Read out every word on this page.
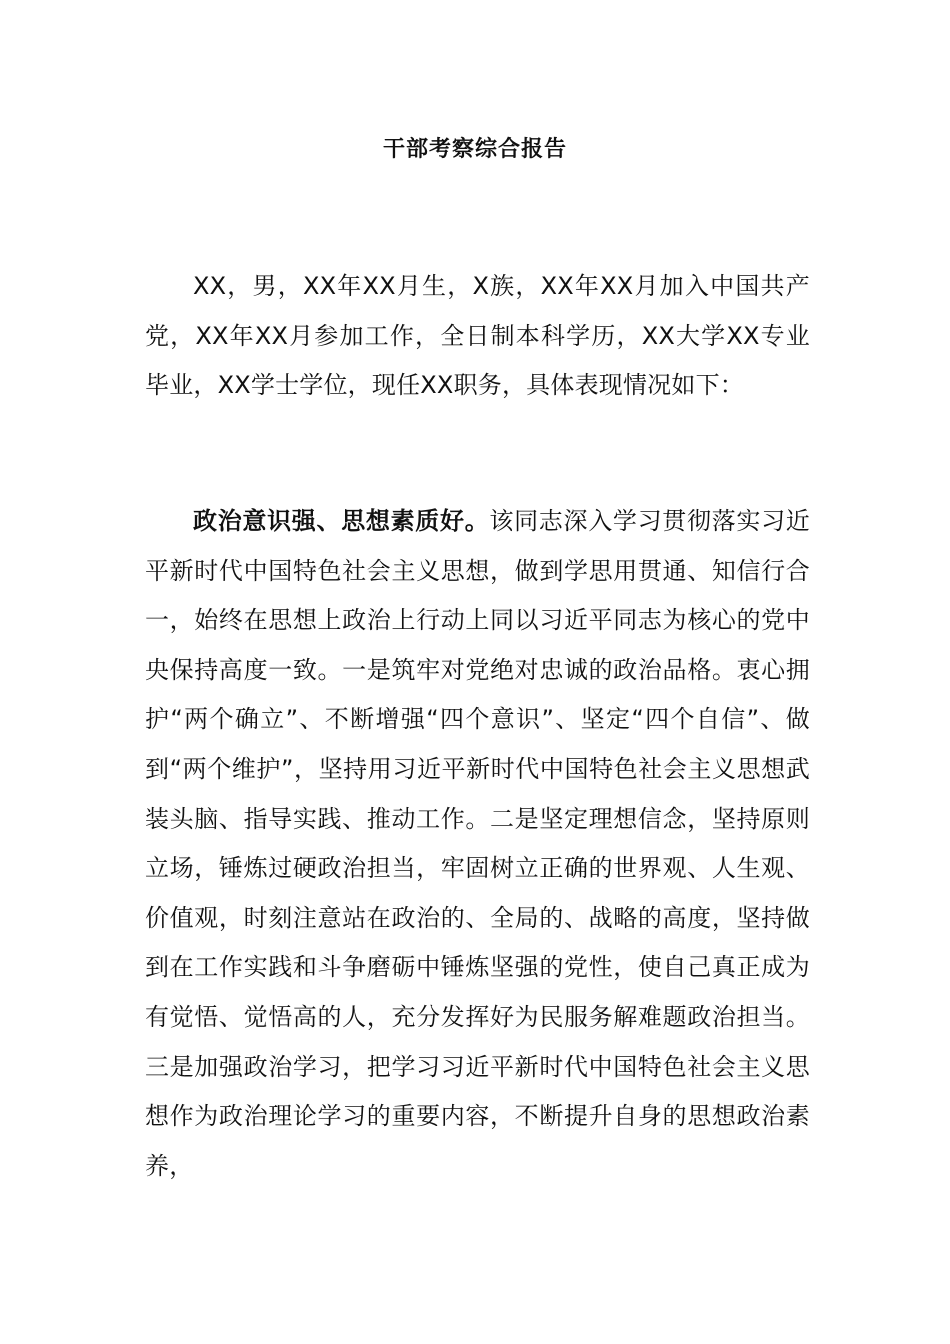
干部考察综合报告

XX，男，XX年XX月生，X族，XX年XX月加入中国共产党，XX年XX月参加工作，全日制本科学历，XX大学XX专业毕业，XX学士学位，现任XX职务，具体表现情况如下：

政治意识强、思想素质好。该同志深入学习贯彻落实习近平新时代中国特色社会主义思想，做到学思用贯通、知信行合一，始终在思想上政治上行动上同以习近平同志为核心的党中央保持高度一致。一是筑牢对党绝对忠诚的政治品格。衷心拥护“两个确立”、不断增强“四个意识”、坚定“四个自信”、做到“两个维护”，坚持用习近平新时代中国特色社会主义思想武装头脑、指导实践、推动工作。二是坚定理想信念，坚持原则立场，锤炼过硬政治担当，牢固树立正确的世界观、人生观、价值观，时刻注意站在政治的、全局的、战略的高度，坚持做到在工作实践和斗争磨砺中锤炼坚强的党性，使自己真正成为有觉悟、觉悟高的人，充分发挥好为民服务解难题政治担当。三是加强政治学习，把学习习近平新时代中国特色社会主义思想作为政治理论学习的重要内容，不断提升自身的思想政治素养，
